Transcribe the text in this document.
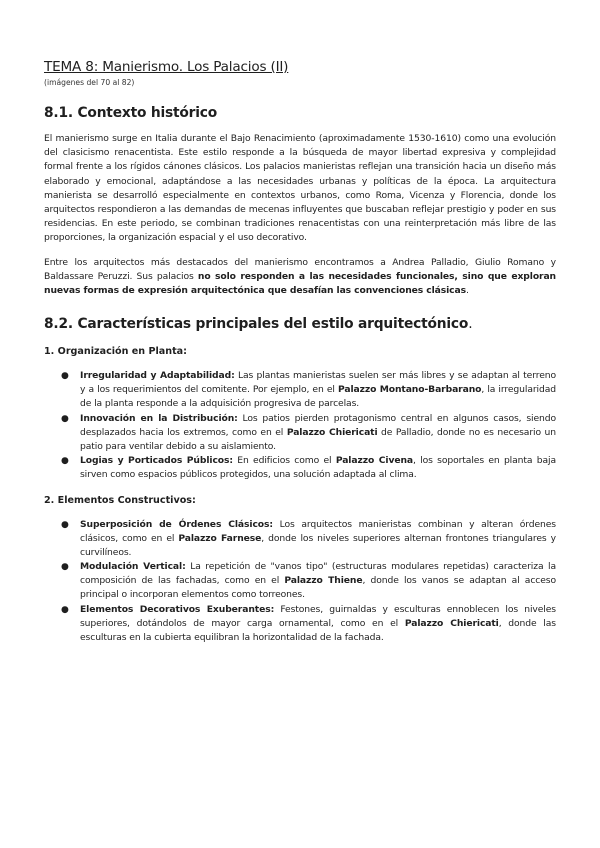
TEMA 8: Manierismo. Los Palacios (II)

(imágenes del 70 al 82)
8.1. Contexto histórico

El manierismo surge en Italia durante el Bajo Renacimiento (aproximadamente 1530-1610) como una evolución del clasicismo renacentista. Este estilo responde a la búsqueda de mayor libertad expresiva y complejidad formal frente a los rígidos cánones clásicos. Los palacios manieristas reflejan una transición hacia un diseño más elaborado y emocional, adaptándose a las necesidades urbanas y políticas de la época. La arquitectura manierista se desarrolló especialmente en contextos urbanos, como Roma, Vicenza y Florencia, donde los arquitectos respondieron a las demandas de mecenas influyentes que buscaban reflejar prestigio y poder en sus residencias. En este periodo, se combinan tradiciones renacentistas con una reinterpretación más libre de las proporciones, la organización espacial y el uso decorativo.

Entre los arquitectos más destacados del manierismo encontramos a Andrea Palladio, Giulio Romano y Baldassare Peruzzi. Sus palacios no solo responden a las necesidades funcionales, sino que exploran nuevas formas de expresión arquitectónica que desafían las convenciones clásicas.

8.2. Características principales del estilo arquitectónico.
1. Organización en Planta:
● Irregularidad y Adaptabilidad: Las plantas manieristas suelen ser más libres y se adaptan al terreno y a los requerimientos del comitente. Por ejemplo, en el Palazzo Montano-Barbarano, la irregularidad de la planta responde a la adquisición progresiva de parcelas.
● Innovación en la Distribución: Los patios pierden protagonismo central en algunos casos, siendo desplazados hacia los extremos, como en el Palazzo Chiericati de Palladio, donde no es necesario un patio para ventilar debido a su aislamiento.
● Logias y Porticados Públicos: En edificios como el Palazzo Civena, los soportales en planta baja sirven como espacios públicos protegidos, una solución adaptada al clima.
2. Elementos Constructivos:
● Superposición de Órdenes Clásicos: Los arquitectos manieristas combinan y alteran órdenes clásicos, como en el Palazzo Farnese, donde los niveles superiores alternan frontones triangulares y curvilíneos.
● Modulación Vertical: La repetición de "vanos tipo" (estructuras modulares repetidas) caracteriza la composición de las fachadas, como en el Palazzo Thiene, donde los vanos se adaptan al acceso principal o incorporan elementos como torreones.
● Elementos Decorativos Exuberantes: Festones, guirnaldas y esculturas ennoblecen los niveles superiores, dotándolos de mayor carga ornamental, como en el Palazzo Chiericati, donde las esculturas en la cubierta equilibran la horizontalidad de la fachada.
